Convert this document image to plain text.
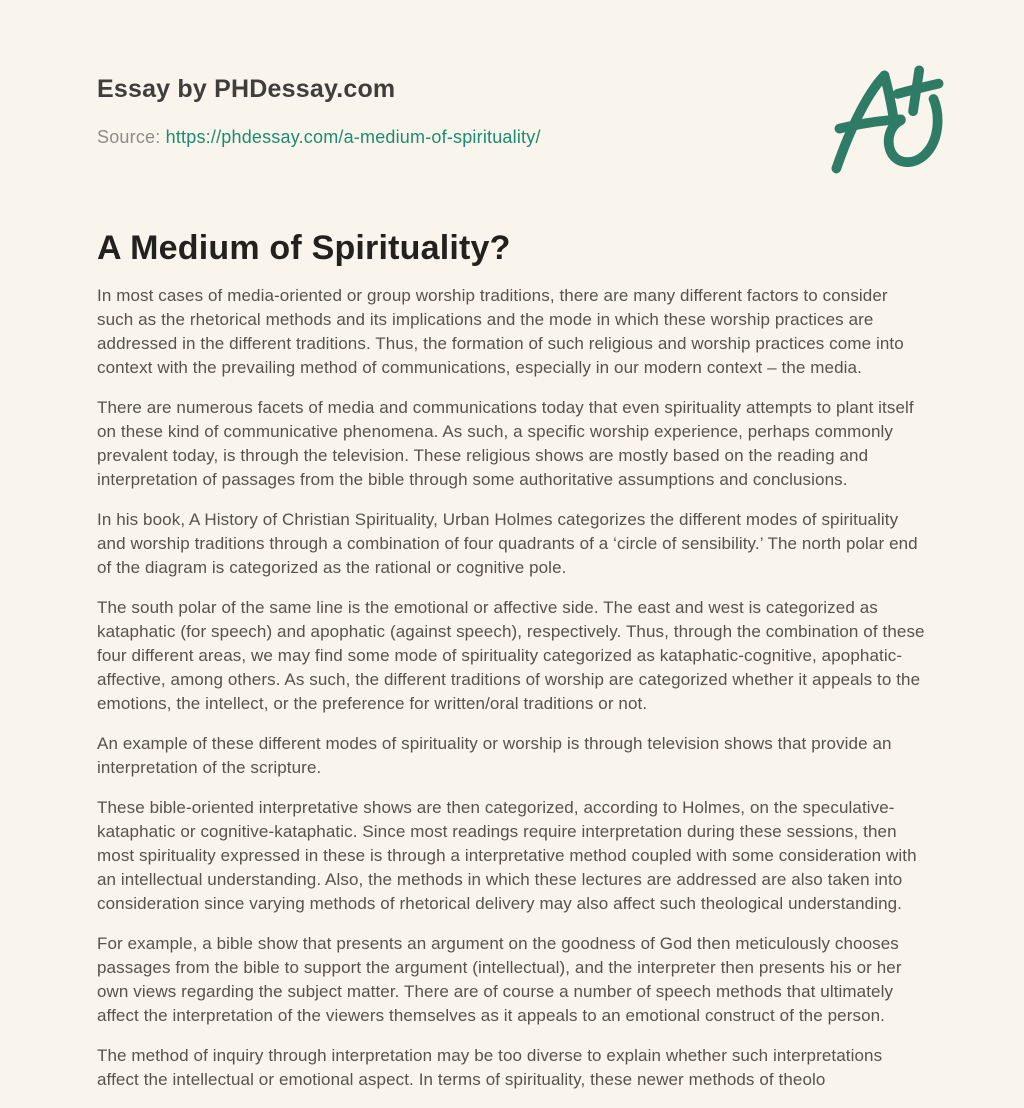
Essay by PHDessay.com
Source: https://phdessay.com/a-medium-of-spirituality/
A Medium of Spirituality?

In most cases of media-oriented or group worship traditions, there are many different factors to consider such as the rhetorical methods and its implications and the mode in which these worship practices are addressed in the different traditions. Thus, the formation of such religious and worship practices come into context with the prevailing method of communications, especially in our modern context – the media.

There are numerous facets of media and communications today that even spirituality attempts to plant itself on these kind of communicative phenomena. As such, a specific worship experience, perhaps commonly prevalent today, is through the television. These religious shows are mostly based on the reading and interpretation of passages from the bible through some authoritative assumptions and conclusions.

In his book, A History of Christian Spirituality, Urban Holmes categorizes the different modes of spirituality and worship traditions through a combination of four quadrants of a ‘circle of sensibility.’ The north polar end of the diagram is categorized as the rational or cognitive pole.

The south polar of the same line is the emotional or affective side. The east and west is categorized as kataphatic (for speech) and apophatic (against speech), respectively. Thus, through the combination of these four different areas, we may find some mode of spirituality categorized as kataphatic-cognitive, apophatic-affective, among others. As such, the different traditions of worship are categorized whether it appeals to the emotions, the intellect, or the preference for written/oral traditions or not.

An example of these different modes of spirituality or worship is through television shows that provide an interpretation of the scripture.

These bible-oriented interpretative shows are then categorized, according to Holmes, on the speculative-kataphatic or cognitive-kataphatic. Since most readings require interpretation during these sessions, then most spirituality expressed in these is through a interpretative method coupled with some consideration with an intellectual understanding. Also, the methods in which these lectures are addressed are also taken into consideration since varying methods of rhetorical delivery may also affect such theological understanding.

For example, a bible show that presents an argument on the goodness of God then meticulously chooses passages from the bible to support the argument (intellectual), and the interpreter then presents his or her own views regarding the subject matter. There are of course a number of speech methods that ultimately affect the interpretation of the viewers themselves as it appeals to an emotional construct of the person.

The method of inquiry through interpretation may be too diverse to explain whether such interpretations affect the intellectual or emotional aspect. In terms of spirituality, these newer methods of theolo
